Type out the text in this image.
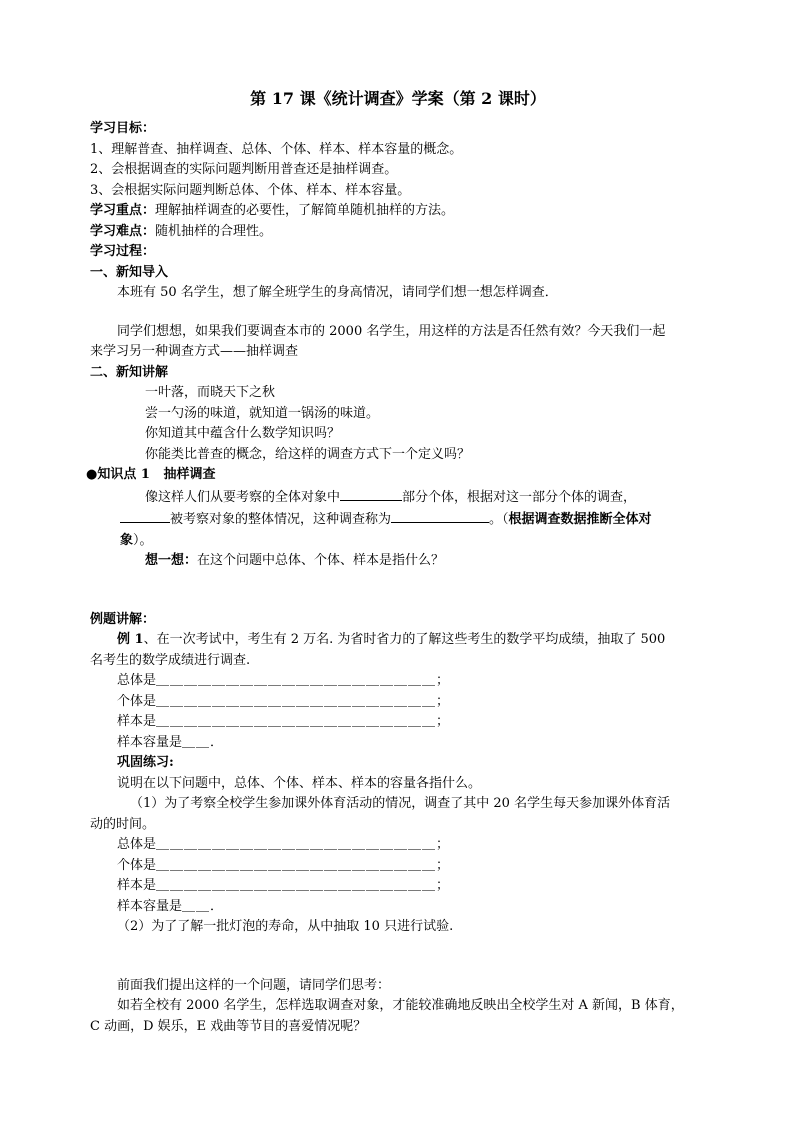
第 17 课《统计调查》学案（第 2 课时）

学习目标：

1、理解普查、抽样调查、总体、个体、样本、样本容量的概念。

2、会根据调查的实际问题判断用普查还是抽样调查。

3、会根据实际问题判断总体、个体、样本、样本容量。

学习重点：理解抽样调查的必要性，了解简单随机抽样的方法。

学习难点：随机抽样的合理性。

学习过程：

一、新知导入

本班有 50 名学生，想了解全班学生的身高情况，请同学们想一想怎样调查．

同学们想想，如果我们要调查本市的 2000 名学生，用这样的方法是否任然有效？今天我们一起

来学习另一种调查方式——抽样调查

二、新知讲解

一叶落，而晓天下之秋

尝一勺汤的味道，就知道一锅汤的味道。

你知道其中蕴含什么数学知识吗？

你能类比普查的概念，给这样的调查方式下一个定义吗？

●知识点 1 抽样调查

像这样人们从要考察的全体对象中	部分个体，根据对这一部分个体的调查，

被考察对象的整体情况，这种调查称为	。（根据调查数据推断全体对

象）。

想一想：在这个问题中总体、个体、样本是指什么？

例题讲解：

例 1、在一次考试中，考生有 2 万名. 为省时省力的了解这些考生的数学平均成绩，抽取了 500

名考生的数学成绩进行调查.

总体是＿＿＿＿＿＿＿＿＿＿＿＿＿＿＿＿＿＿＿＿；

个体是＿＿＿＿＿＿＿＿＿＿＿＿＿＿＿＿＿＿＿＿；

样本是＿＿＿＿＿＿＿＿＿＿＿＿＿＿＿＿＿＿＿＿；

样本容量是＿＿．

巩固练习:

说明在以下问题中，总体、个体、样本、样本的容量各指什么。

（1）为了考察全校学生参加课外体育活动的情况，调查了其中 20 名学生每天参加课外体育活

动的时间。

总体是＿＿＿＿＿＿＿＿＿＿＿＿＿＿＿＿＿＿＿＿；

个体是＿＿＿＿＿＿＿＿＿＿＿＿＿＿＿＿＿＿＿＿；

样本是＿＿＿＿＿＿＿＿＿＿＿＿＿＿＿＿＿＿＿＿；

样本容量是＿＿．

（2）为了了解一批灯泡的寿命，从中抽取 10 只进行试验.

前面我们提出这样的一个问题，请同学们思考：

如若全校有 2000 名学生，怎样选取调查对象，才能较准确地反映出全校学生对 A 新闻，B 体育，

C 动画，D 娱乐，E 戏曲等节目的喜爱情况呢？
